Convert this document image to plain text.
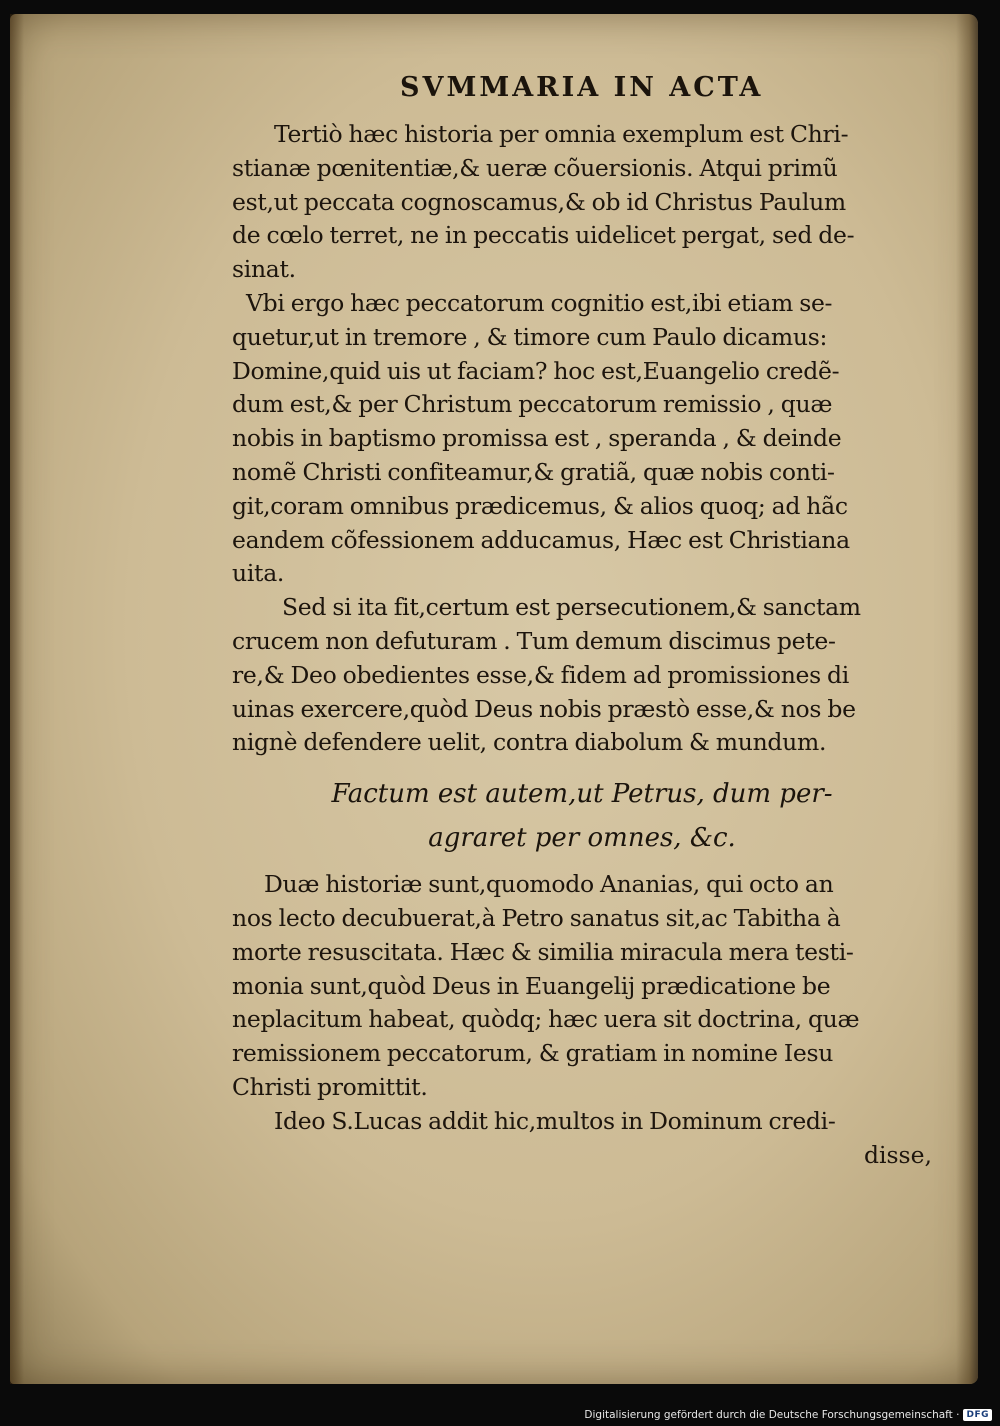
SVMMARIA IN ACTA

Tertiò hæc historia per omnia exemplum est Chri-

stianæ pœnitentiæ,& ueræ cõuersionis. Atqui primũ

est,ut peccata cognoscamus,& ob id Christus Paulum

de cœlo terret, ne in peccatis uidelicet pergat, sed de-

sinat.

Vbi ergo hæc peccatorum cognitio est,ibi etiam se-

quetur,ut in tremore , & timore cum Paulo dicamus:

Domine,quid uis ut faciam? hoc est,Euangelio credẽ-

dum est,& per Christum peccatorum remissio , quæ

nobis in baptismo promissa est , speranda , & deinde

nomẽ Christi confiteamur,& gratiã, quæ nobis conti-

git,coram omnibus prædicemus, & alios quoq; ad hãc

eandem cõfessionem adducamus, Hæc est Christiana

uita.

Sed si ita fit,certum est persecutionem,& sanctam

crucem non defuturam . Tum demum discimus pete-

re,& Deo obedientes esse,& fidem ad promissiones di

uinas exercere,quòd Deus nobis præstò esse,& nos be

nignè defendere uelit, contra diabolum & mundum.

Factum est autem,ut Petrus, dum per-
agraret per omnes, &c.

Duæ historiæ sunt,quomodo Ananias, qui octo an

nos lecto decubuerat,à Petro sanatus sit,ac Tabitha à

morte resuscitata. Hæc & similia miracula mera testi-

monia sunt,quòd Deus in Euangelij prædicatione be

neplacitum habeat, quòdq; hæc uera sit doctrina, quæ

remissionem peccatorum, & gratiam in nomine Iesu

Christi promittit.

Ideo S.Lucas addit hic,multos in Dominum credi-

disse,
Digitalisierung gefördert durch die Deutsche Forschungsgemeinschaft · DFG
